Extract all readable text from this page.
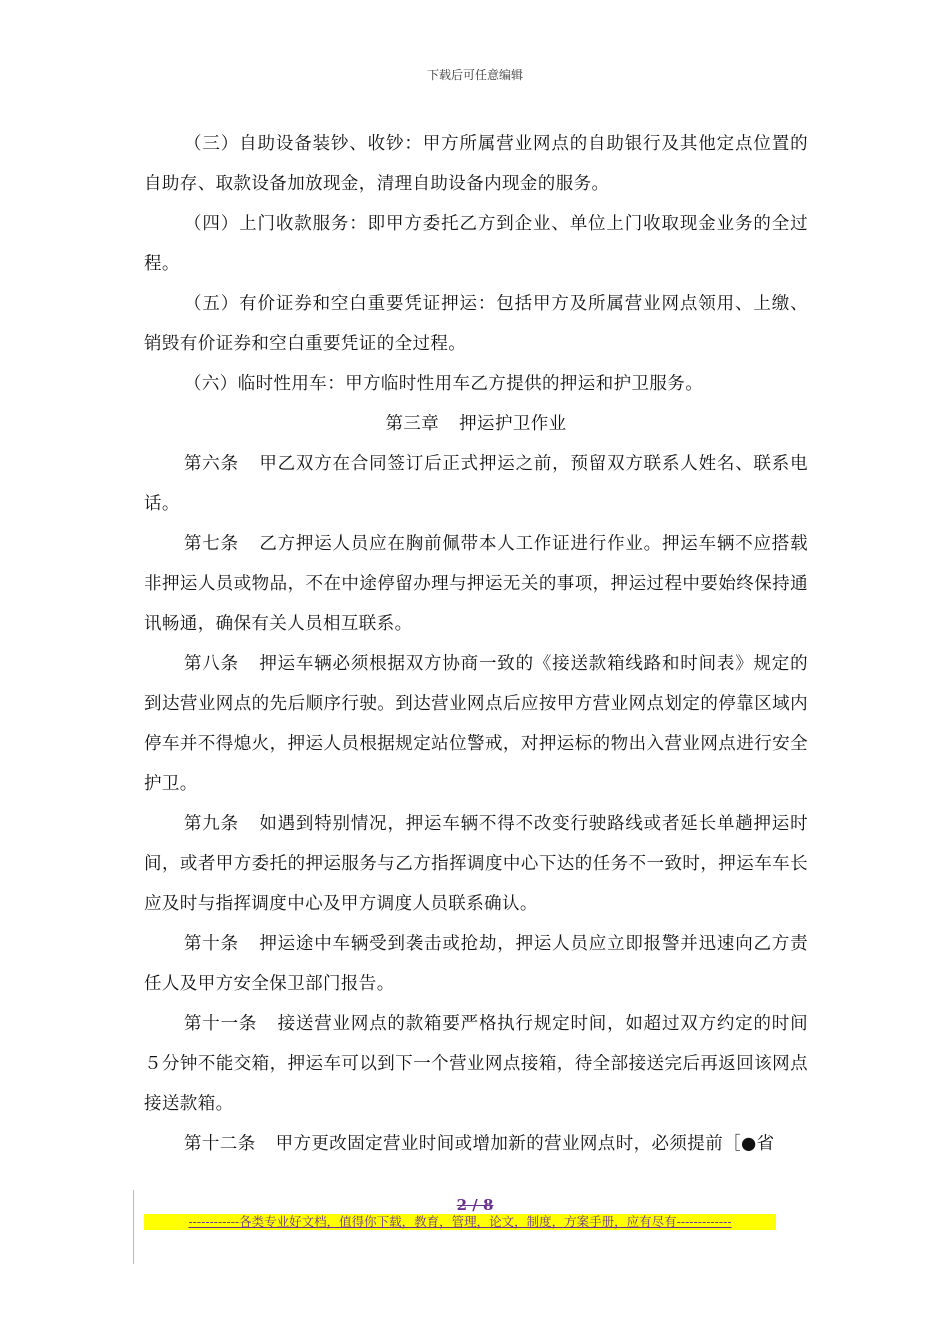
下载后可任意编辑

（三）自助设备装钞、收钞：甲方所属营业网点的自助银行及其他定点位置的自助存、取款设备加放现金，清理自助设备内现金的服务。

（四）上门收款服务：即甲方委托乙方到企业、单位上门收取现金业务的全过程。

（五）有价证券和空白重要凭证押运：包括甲方及所属营业网点领用、上缴、销毁有价证券和空白重要凭证的全过程。

（六）临时性用车：甲方临时性用车乙方提供的押运和护卫服务。

第三章 押运护卫作业

第六条 甲乙双方在合同签订后正式押运之前，预留双方联系人姓名、联系电话。

第七条 乙方押运人员应在胸前佩带本人工作证进行作业。押运车辆不应搭载非押运人员或物品，不在中途停留办理与押运无关的事项，押运过程中要始终保持通讯畅通，确保有关人员相互联系。

第八条 押运车辆必须根据双方协商一致的《接送款箱线路和时间表》规定的到达营业网点的先后顺序行驶。到达营业网点后应按甲方营业网点划定的停靠区域内停车并不得熄火，押运人员根据规定站位警戒，对押运标的物出入营业网点进行安全护卫。

第九条 如遇到特别情况，押运车辆不得不改变行驶路线或者延长单趟押运时间，或者甲方委托的押运服务与乙方指挥调度中心下达的任务不一致时，押运车车长应及时与指挥调度中心及甲方调度人员联系确认。

第十条 押运途中车辆受到袭击或抢劫，押运人员应立即报警并迅速向乙方责任人及甲方安全保卫部门报告。

第十一条 接送营业网点的款箱要严格执行规定时间，如超过双方约定的时间５分钟不能交箱，押运车可以到下一个营业网点接箱，待全部接送完后再返回该网点接送款箱。

第十二条 甲方更改固定营业时间或增加新的营业网点时，必须提前［●省

2 / 8
------------各类专业好文档，值得你下载，教育，管理，论文，制度，方案手册，应有尽有-------------
